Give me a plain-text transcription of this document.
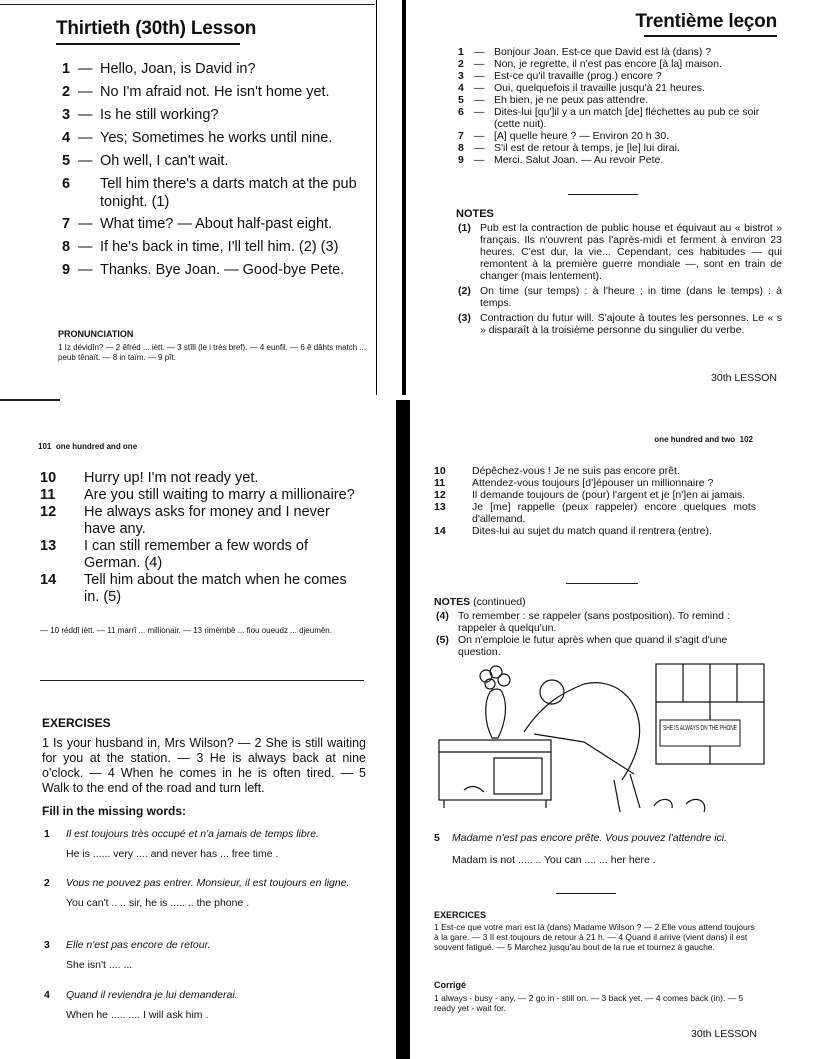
Thirtieth (30th) Lesson
1 — Hello, Joan, is David in?
2 — No I'm afraid not. He isn't home yet.
3 — Is he still working?
4 — Yes; Sometimes he works until nine.
5 — Oh well, I can't wait.
6	Tell him there's a darts match at the pub tonight. (1)
7 — What time? — About half-past eight.
8 — If he's back in time, I'll tell him. (2) (3)
9 — Thanks. Bye Joan. — Good-bye Pete.
PRONUNCIATION
1 Iz dévidîn? — 2 êfréd ... iètt. — 3 stîll (le i très bref). — 4 eunfil. — 6 ê dâhts match ... peub tênaït. — 8 in taïm. — 9 pît.
Trentième leçon
1 — Bonjour Joan. Est-ce que David est là (dans) ?
2 — Non, je regrette, il n'est pas encore [à la] maison.
3 — Est-ce qu'il travaille (prog.) encore ?
4 — Oui, quelquefois il travaille jusqu'à 21 heures.
5 — Eh bien, je ne peux pas attendre.
6 — Dites-lui [qu']il y a un match [de] fléchettes au pub ce soir (cette nuit).
7 — [A] quelle heure ? — Environ 20 h 30.
8 — S'il est de retour à temps, je [le] lui dirai.
9 — Merci. Salut Joan. — Au revoir Pete.
NOTES
(1) Pub est la contraction de public house et équivaut au « bistrot » français. Ils n'ouvrent pas l'après-midi et ferment à environ 23 heures. C'est dur, la vie... Cependant, ces habitudes — qui remontent à la première guerre mondiale —, sont en train de changer (mais lentement).
(2) On time (sur temps) : à l'heure ; in time (dans le temps) : à temps.
(3) Contraction du futur will. S'ajoute à toutes les personnes. Le « s » disparaît à la troisième personne du singulier du verbe.
30th LESSON
101 one hundred and one
10	Hurry up! I'm not ready yet.
11	Are you still waiting to marry a millionaire?
12	He always asks for money and I never have any.
13	I can still remember a few words of German. (4)
14	Tell him about the match when he comes in. (5)
— 10 réddî iètt. — 11 marrî ... millionair. — 13 rimèmbê ... fiou oueudz ... djeumên.
EXERCISES
1 Is your husband in, Mrs Wilson? — 2 She is still waiting for you at the station. — 3 He is always back at nine o'clock. — 4 When he comes in he is often tired. — 5 Walk to the end of the road and turn left.
Fill in the missing words:
1	Il est toujours très occupé et n'a jamais de temps libre.
He is ...... very .... and never has ... free time .
2	Vous ne pouvez pas entrer. Monsieur, il est toujours en ligne.
You can't .. .. sir, he is ..... .. the phone .
3	Elle n'est pas encore de retour.
She isn't .... ...
4	Quand il reviendra je lui demanderai.
When he ..... .... I will ask him .
one hundred and two 102
10	Dépêchez-vous ! Je ne suis pas encore prêt.
11	Attendez-vous toujours [d']épouser un millionnaire ?
12	Il demande toujours de (pour) l'argent et je [n']en ai jamais.
13	Je [me] rappelle (peux rappeler) encore quelques mots d'allemand.
14	Dites-lui au sujet du match quand il rentrera (entre).
NOTES (continued)
(4) To remember : se rappeler (sans postposition). To remind : rappeler à quelqu'un.
(5) On n'emploie le futur après when que quand il s'agit d'une question.
SHE IS ALWAYS ON THE PHONE
5	Madame n'est pas encore prête. Vous pouvez l'attendre ici.
Madam is not ..... .. You can .... ... her here .
EXERCICES
1 Est-ce que votre mari est là (dans) Madame Wilson ? — 2 Elle vous attend toujours à la gare. — 3 Il est toujours de retour à 21 h. — 4 Quand il arrive (vient dans) il est souvent fatigué. — 5 Marchez jusqu'au bout de la rue et tournez à gauche.
Corrigé
1 always - busy - any. — 2 go in - still on. — 3 back yet. — 4 comes back (in). — 5 ready yet - wait for.
30th LESSON
